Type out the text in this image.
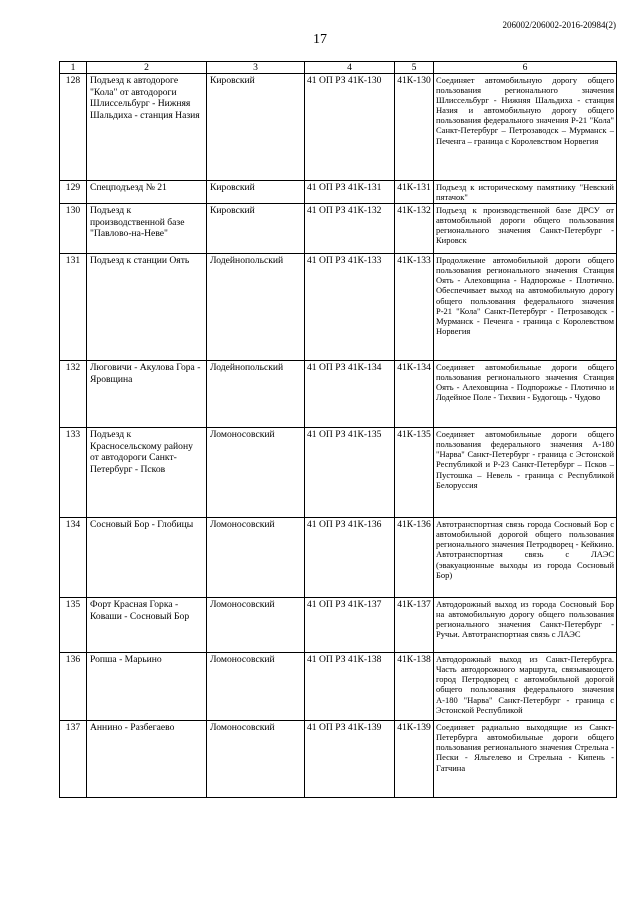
206002/206002-2016-20984(2)
17
1	2	3	4	5	6
128	Подъезд к автодороге "Кола" от автодороги Шлиссельбург - Нижняя Шальдиха - станция Назия	Кировский	41 ОП РЗ 41К-130	41К-130	Соединяет автомобильную дорогу общего пользования регионального значения Шлиссельбург - Нижняя Шальдиха - станция Назия и автомобильную дорогу общего пользования федерального значения Р-21 "Кола" Санкт-Петербург – Петрозаводск – Мурманск – Печенга – граница с Королевством Норвегия
129	Спецподъезд № 21	Кировский	41 ОП РЗ 41К-131	41К-131	Подъезд к историческому памятнику "Невский пятачок"
130	Подъезд к производственной базе "Павлово-на-Неве"	Кировский	41 ОП РЗ 41К-132	41К-132	Подъезд к производственной базе ДРСУ от автомобильной дороги общего пользования регионального значения Санкт-Петербург - Кировск
131	Подъезд к станции Оять	Лодейнопольский	41 ОП РЗ 41К-133	41К-133	Продолжение автомобильной дороги общего пользования регионального значения Станция Оять - Алеховщина - Надпорожье - Плотично. Обеспечивает выход на автомобильную дорогу общего пользования федерального значения Р-21 "Кола" Санкт-Петербург - Петрозаводск - Мурманск - Печенга - граница с Королевством Норвегия
132	Люговичи - Акулова Гора - Яровщина	Лодейнопольский	41 ОП РЗ 41К-134	41К-134	Соединяет автомобильные дороги общего пользования регионального значения Станция Оять - Алеховщина - Подпорожье - Плотично и Лодейное Поле - Тихвин - Будогощь - Чудово
133	Подъезд к Красносельскому району от автодороги Санкт-Петербург - Псков	Ломоносовский	41 ОП РЗ 41К-135	41К-135	Соединяет автомобильные дороги общего пользования федерального значения А-180 "Нарва" Санкт-Петербург - граница с Эстонской Республикой и Р-23 Санкт-Петербург – Псков – Пустошка – Невель - граница с Республикой Белоруссия
134	Сосновый Бор - Глобицы	Ломоносовский	41 ОП РЗ 41К-136	41К-136	Автотранспортная связь города Сосновый Бор с автомобильной дорогой общего пользования регионального значения Петродворец - Кейкино. Автотранспортная связь с ЛАЭС (эвакуационные выходы из города Сосновый Бор)
135	Форт Красная Горка - Коваши - Сосновый Бор	Ломоносовский	41 ОП РЗ 41К-137	41К-137	Автодорожный выход из города Сосновый Бор на автомобильную дорогу общего пользования регионального значения Санкт-Петербург - Ручьи. Автотранспортная связь с ЛАЭС
136	Ропша - Марьино	Ломоносовский	41 ОП РЗ 41К-138	41К-138	Автодорожный выход из Санкт-Петербурга. Часть автодорожного маршрута, связывающего город Петродворец с автомобильной дорогой общего пользования федерального значения А-180 "Нарва" Санкт-Петербург - граница с Эстонской Республикой
137	Аннино - Разбегаево	Ломоносовский	41 ОП РЗ 41К-139	41К-139	Соединяет радиально выходящие из Санкт-Петербурга автомобильные дороги общего пользования регионального значения Стрельна - Пески - Яльгелево и Стрельна - Кипень - Гатчина
